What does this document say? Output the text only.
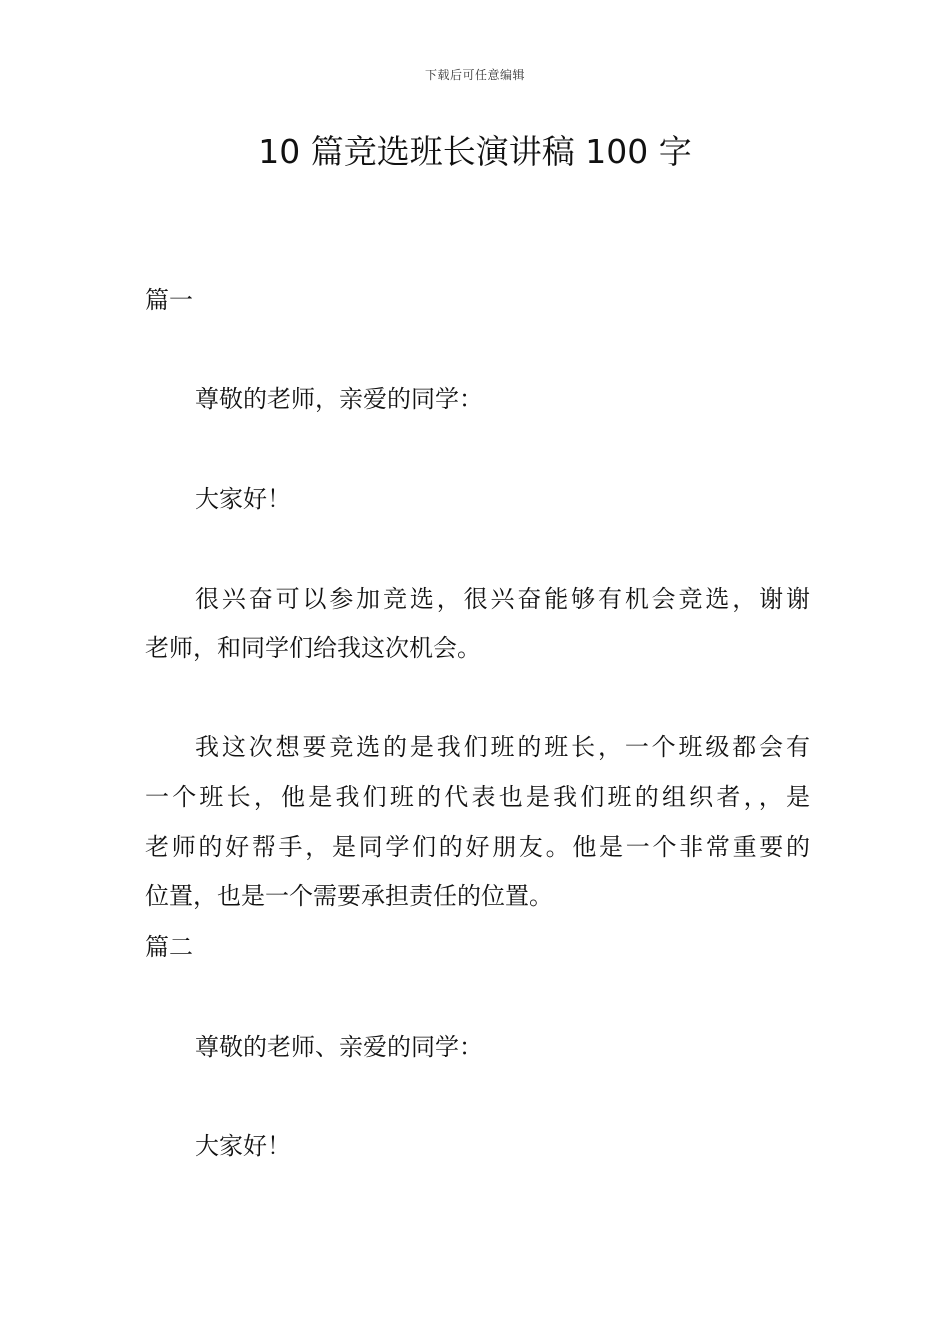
下载后可任意编辑
10 篇竞选班长演讲稿 100 字
篇一
尊敬的老师，亲爱的同学：
大家好！
很兴奋可以参加竞选，很兴奋能够有机会竞选，谢谢
老师，和同学们给我这次机会。
我这次想要竞选的是我们班的班长，一个班级都会有
一个班长，他是我们班的代表也是我们班的组织者，，是
老师的好帮手，是同学们的好朋友。他是一个非常重要的
位置，也是一个需要承担责任的位置。
篇二
尊敬的老师、亲爱的同学：
大家好！
